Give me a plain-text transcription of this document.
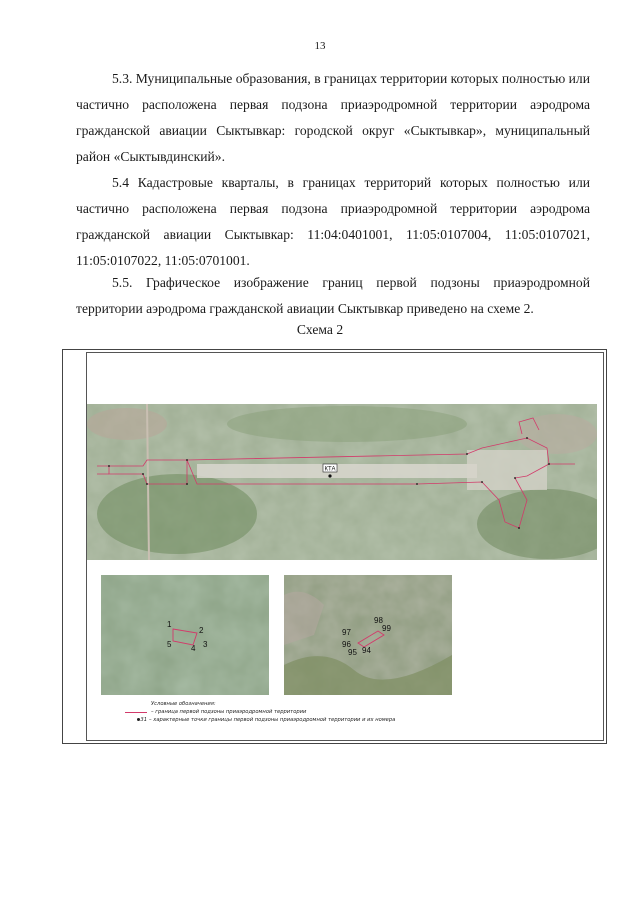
13

5.3. Муниципальные образования, в границах территории которых полностью или частично расположена первая подзона приаэродромной территории аэродрома гражданской авиации Сыктывкар: городской округ «Сыктывкар», муниципальный район «Сыктывдинский».

5.4 Кадастровые кварталы, в границах территорий которых полностью или частично расположена первая подзона приаэродромной территории аэродрома гражданской авиации Сыктывкар: 11:04:0401001, 11:05:0107004, 11:05:0107021, 11:05:0107022, 11:05:0701001.

5.5. Графическое изображение границ первой подзоны приаэродромной территории аэродрома гражданской авиации Сыктывкар приведено на схеме 2.

Схема 2
КТА
1
2
3
4
5
98
97	99
96
95 94
Условные обозначения:
– граница первой подзоны приаэродромной территории
31 – характерные точки границы первой подзоны приаэродромной территории и их номера
